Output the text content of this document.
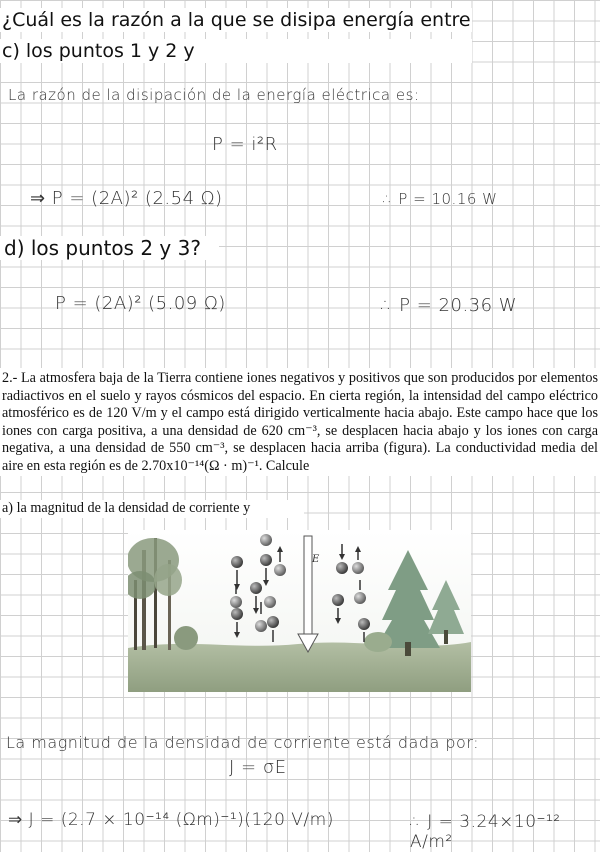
¿Cuál es la razón a la que se disipa energía entre
c) los puntos 1 y 2 y
La razón de la disipación de la energía eléctrica es:
P = i²R
⇒ P = (2A)² (2.54 Ω)	∴ P = 10.16 W
d) los puntos 2 y 3?
P = (2A)² (5.09 Ω)	∴ P = 20.36 W
2.- La atmosfera baja de la Tierra contiene iones negativos y positivos que son producidos por elementos radiactivos en el suelo y rayos cósmicos del espacio. En cierta región, la intensidad del campo eléctrico atmosférico es de 120 V/m y el campo está dirigido verticalmente hacia abajo. Este campo hace que los iones con carga positiva, a una densidad de 620 cm⁻³, se desplacen hacia abajo y los iones con carga negativa, a una densidad de 550 cm⁻³, se desplacen hacia arriba (figura). La conductividad media del aire en esta región es de 2.70x10⁻¹⁴(Ω · m)⁻¹. Calcule
a) la magnitud de la densidad de corriente y
E
La magnitud de la densidad de corriente está dada por:
J = σE
⇒ J = (2.7 × 10⁻¹⁴ (Ωm)⁻¹)(120 V/m)	∴ J = 3.24×10⁻¹² A/m²
